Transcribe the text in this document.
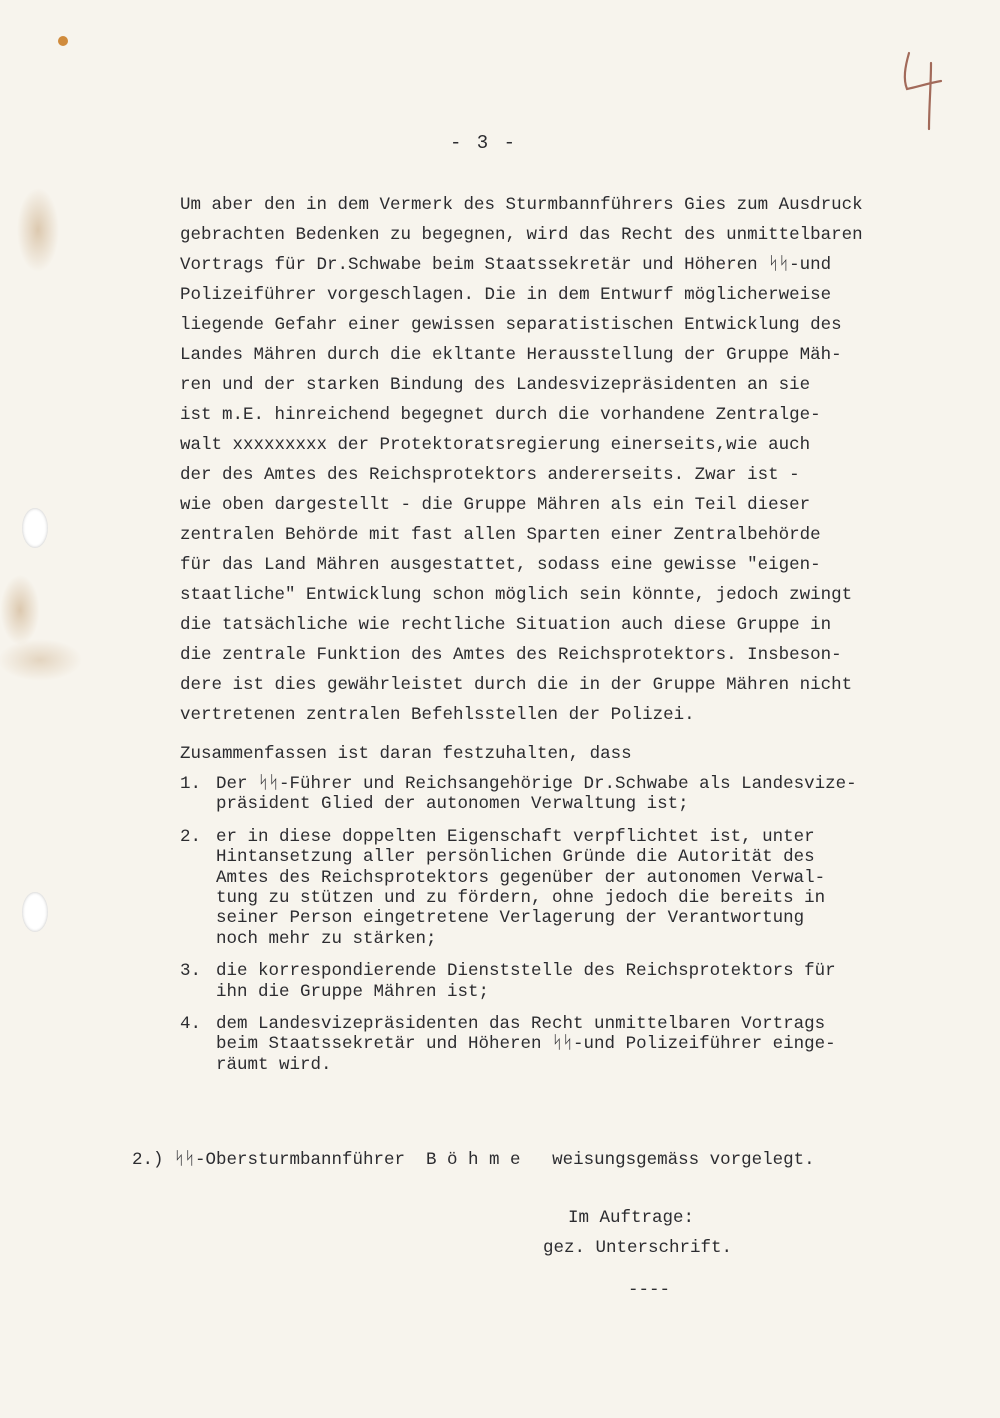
- 3 -

Um aber den in dem Vermerk des Sturmbannführers Gies zum Ausdruck
gebrachten Bedenken zu begegnen, wird das Recht des unmittelbaren
Vortrags für Dr.Schwabe beim Staatssekretär und Höheren ᛋᛋ-und
Polizeiführer vorgeschlagen. Die in dem Entwurf möglicherweise
liegende Gefahr einer gewissen separatistischen Entwicklung des
Landes Mähren durch die ekltante Herausstellung der Gruppe Mäh-
ren und der starken Bindung des Landesvizepräsidenten an sie
ist m.E. hinreichend begegnet durch die vorhandene Zentralge-
walt xxxxxxxxx der Protektoratsregierung einerseits,wie auch
der des Amtes des Reichsprotektors andererseits. Zwar ist -
wie oben dargestellt - die Gruppe Mähren als ein Teil dieser
zentralen Behörde mit fast allen Sparten einer Zentralbehörde
für das Land Mähren ausgestattet, sodass eine gewisse "eigen-
staatliche" Entwicklung schon möglich sein könnte, jedoch zwingt
die tatsächliche wie rechtliche Situation auch diese Gruppe in
die zentrale Funktion des Amtes des Reichsprotektors. Insbeson-
dere ist dies gewährleistet durch die in der Gruppe Mähren nicht
vertretenen zentralen Befehlsstellen der Polizei.

Zusammenfassen ist daran festzuhalten, dass
1. Der ᛋᛋ-Führer und Reichsangehörige Dr.Schwabe als Landesvize-
präsident Glied der autonomen Verwaltung ist;
2. er in diese doppelten Eigenschaft verpflichtet ist, unter
Hintansetzung aller persönlichen Gründe die Autorität des
Amtes des Reichsprotektors gegenüber der autonomen Verwal-
tung zu stützen und zu fördern, ohne jedoch die bereits in
seiner Person eingetretene Verlagerung der Verantwortung
noch mehr zu stärken;
3. die korrespondierende Dienststelle des Reichsprotektors für
ihn die Gruppe Mähren ist;
4. dem Landesvizepräsidenten das Recht unmittelbaren Vortrags
beim Staatssekretär und Höheren ᛋᛋ-und Polizeiführer einge-
räumt wird.
2.) ᛋᛋ-Obersturmbannführer  B ö h m e   weisungsgemäss vorgelegt.
Im Auftrage:
gez. Unterschrift.
----
